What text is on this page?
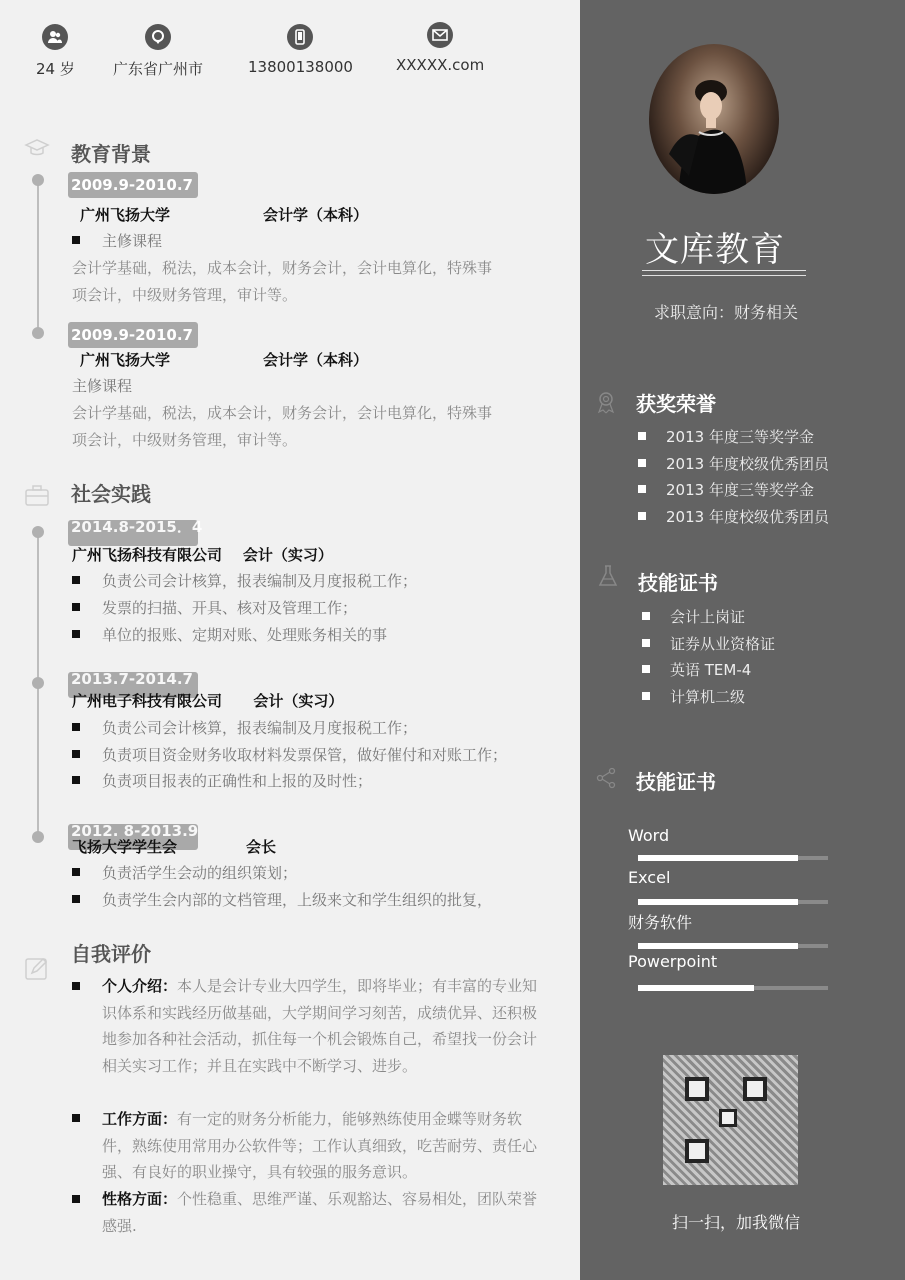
24 岁	广东省广州市	13800138000	XXXXX.com
教育背景
2009.9-2010.7
广州飞扬大学	会计学（本科）
主修课程
会计学基础，税法，成本会计，财务会计，会计电算化，特殊事
项会计，中级财务管理，审计等。
2009.9-2010.7
广州飞扬大学	会计学（本科）
主修课程
会计学基础，税法，成本会计，财务会计，会计电算化，特殊事
项会计，中级财务管理，审计等。
社会实践
2014.8-2015．4
广州飞扬科技有限公司 会计（实习）
负责公司会计核算，报表编制及月度报税工作；
发票的扫描、开具、核对及管理工作；
单位的报账、定期对账、处理账务相关的事
2013.7-2014.7
广州电子科技有限公司 会计（实习）
负责公司会计核算，报表编制及月度报税工作；
负责项目资金财务收取材料发票保管，做好催付和对账工作；
负责项目报表的正确性和上报的及时性；
2012. 8-2013.9
飞扬大学学生会	会长
负责活学生会动的组织策划；
负责学生会内部的文档管理，上级来文和学生组织的批复，
自我评价
个人介绍：本人是会计专业大四学生，即将毕业；有丰富的专业知识体系和实践经历做基础，大学期间学习刻苦，成绩优异、还积极地参加各种社会活动，抓住每一个机会锻炼自己，希望找一份会计相关实习工作；并且在实践中不断学习、进步。
工作方面：有一定的财务分析能力，能够熟练使用金蝶等财务软件，熟练使用常用办公软件等；工作认真细致，吃苦耐劳、责任心强、有良好的职业操守，具有较强的服务意识。
性格方面：个性稳重、思维严谨、乐观豁达、容易相处，团队荣誉感强.
文库教育
求职意向：财务相关
获奖荣誉
2013 年度三等奖学金
2013 年度校级优秀团员
2013 年度三等奖学金
2013 年度校级优秀团员
技能证书
会计上岗证
证券从业资格证
英语 TEM-4
计算机二级
技能证书
Word
Excel
财务软件
Powerpoint
扫一扫，加我微信
